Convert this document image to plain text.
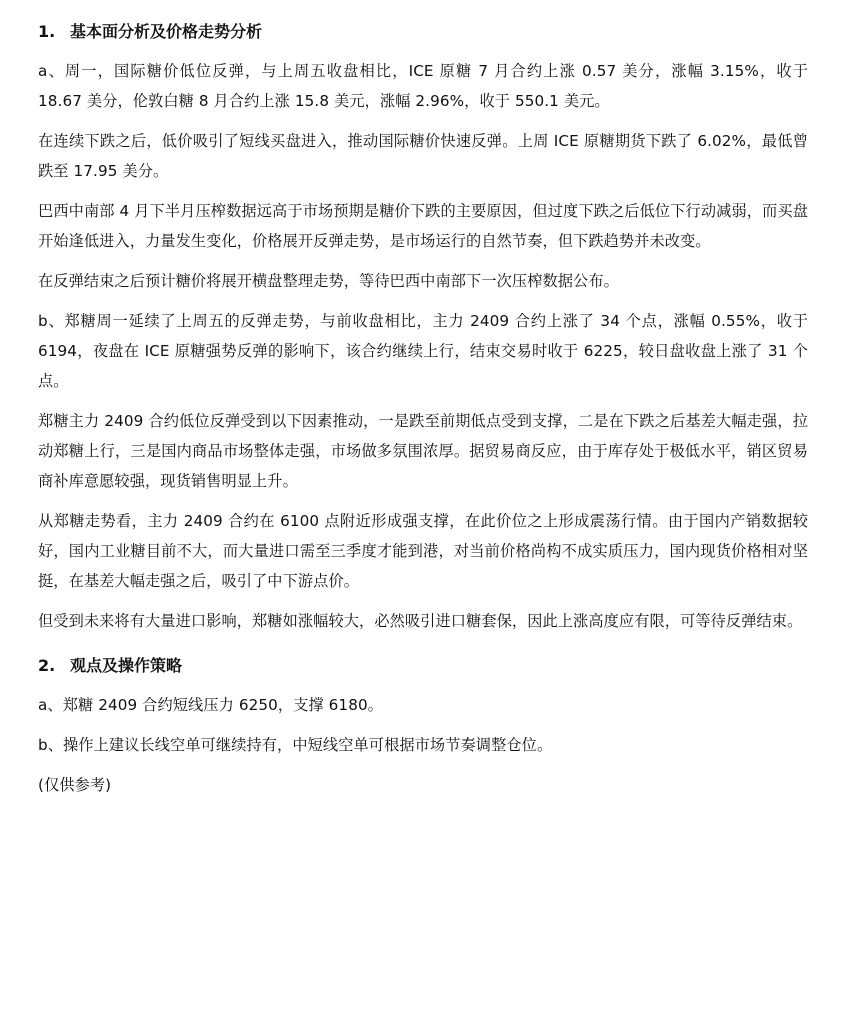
1. 基本面分析及价格走势分析

a、周一，国际糖价低位反弹，与上周五收盘相比，ICE 原糖 7 月合约上涨 0.57 美分，涨幅 3.15%，收于 18.67 美分，伦敦白糖 8 月合约上涨 15.8 美元，涨幅 2.96%，收于 550.1 美元。

在连续下跌之后，低价吸引了短线买盘进入，推动国际糖价快速反弹。上周 ICE 原糖期货下跌了 6.02%，最低曾跌至 17.95 美分。

巴西中南部 4 月下半月压榨数据远高于市场预期是糖价下跌的主要原因，但过度下跌之后低位下行动减弱，而买盘开始逢低进入，力量发生变化，价格展开反弹走势，是市场运行的自然节奏，但下跌趋势并未改变。

在反弹结束之后预计糖价将展开横盘整理走势，等待巴西中南部下一次压榨数据公布。

b、郑糖周一延续了上周五的反弹走势，与前收盘相比，主力 2409 合约上涨了 34 个点，涨幅 0.55%，收于 6194，夜盘在 ICE 原糖强势反弹的影响下，该合约继续上行，结束交易时收于 6225，较日盘收盘上涨了 31 个点。

郑糖主力 2409 合约低位反弹受到以下因素推动，一是跌至前期低点受到支撑，二是在下跌之后基差大幅走强，拉动郑糖上行，三是国内商品市场整体走强，市场做多氛围浓厚。据贸易商反应，由于库存处于极低水平，销区贸易商补库意愿较强，现货销售明显上升。

从郑糖走势看，主力 2409 合约在 6100 点附近形成强支撑，在此价位之上形成震荡行情。由于国内产销数据较好，国内工业糖目前不大，而大量进口需至三季度才能到港，对当前价格尚构不成实质压力，国内现货价格相对坚挺，在基差大幅走强之后，吸引了中下游点价。

但受到未来将有大量进口影响，郑糖如涨幅较大，必然吸引进口糖套保，因此上涨高度应有限，可等待反弹结束。

2. 观点及操作策略

a、郑糖 2409 合约短线压力 6250，支撑 6180。

b、操作上建议长线空单可继续持有，中短线空单可根据市场节奏调整仓位。

(仅供参考)
